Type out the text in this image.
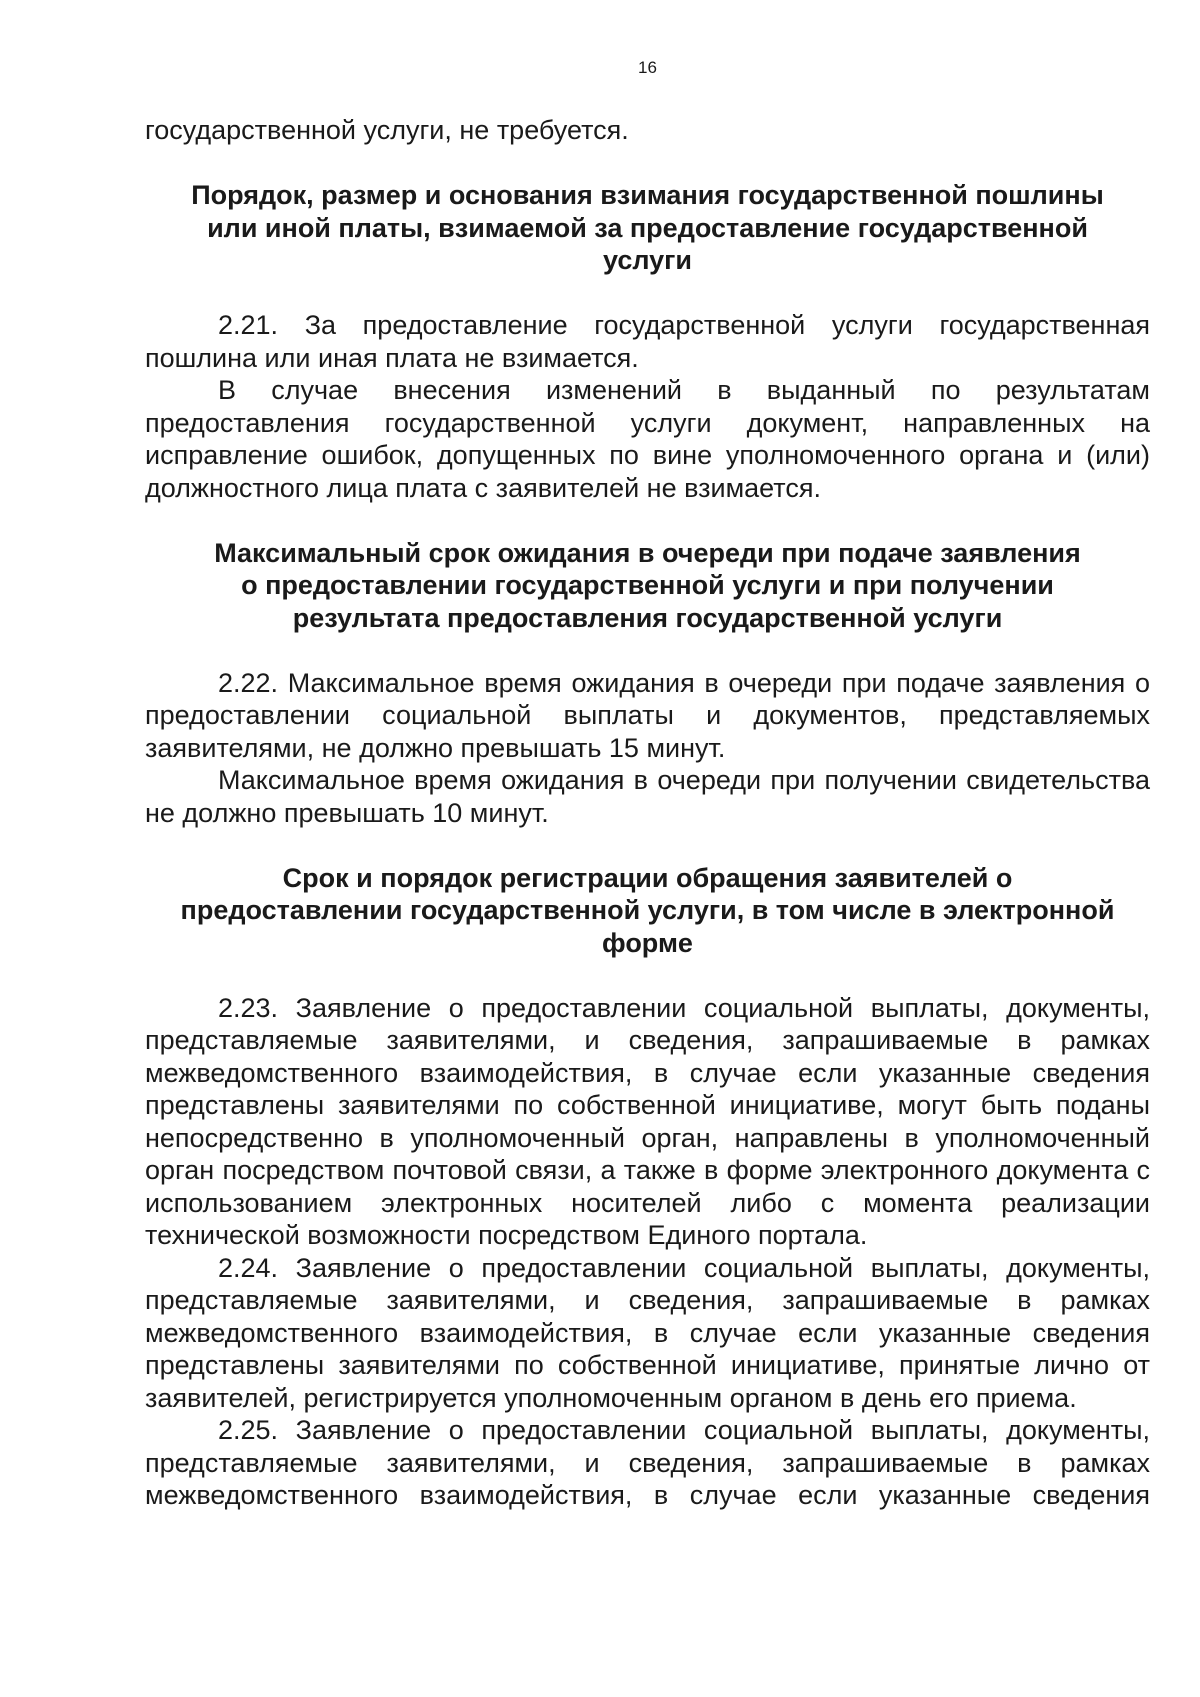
16

государственной услуги, не требуется.

Порядок, размер и основания взимания государственной пошлины
или иной платы, взимаемой за предоставление государственной
услуги

2.21. За предоставление государственной услуги государственная пошлина или иная плата не взимается.

В случае внесения изменений в выданный по результатам предоставления государственной услуги документ, направленных на исправление ошибок, допущенных по вине уполномоченного органа и (или) должностного лица плата с заявителей не взимается.

Максимальный срок ожидания в очереди при подаче заявления
о предоставлении государственной услуги и при получении
результата предоставления государственной услуги

2.22. Максимальное время ожидания в очереди при подаче заявления о предоставлении социальной выплаты и документов, представляемых заявителями, не должно превышать 15 минут.

Максимальное время ожидания в очереди при получении свидетельства не должно превышать 10 минут.

Срок и порядок регистрации обращения заявителей о
предоставлении государственной услуги, в том числе в электронной
форме

2.23. Заявление о предоставлении социальной выплаты, документы, представляемые заявителями, и сведения, запрашиваемые в рамках межведомственного взаимодействия, в случае если указанные сведения представлены заявителями по собственной инициативе, могут быть поданы непосредственно в уполномоченный орган, направлены в уполномоченный орган посредством почтовой связи, а также в форме электронного документа с использованием электронных носителей либо с момента реализации технической возможности посредством Единого портала.

2.24. Заявление о предоставлении социальной выплаты, документы, представляемые заявителями, и сведения, запрашиваемые в рамках межведомственного взаимодействия, в случае если указанные сведения представлены заявителями по собственной инициативе, принятые лично от заявителей, регистрируется уполномоченным органом в день его приема.

2.25. Заявление о предоставлении социальной выплаты, документы, представляемые заявителями, и сведения, запрашиваемые в рамках межведомственного взаимодействия, в случае если указанные сведения
